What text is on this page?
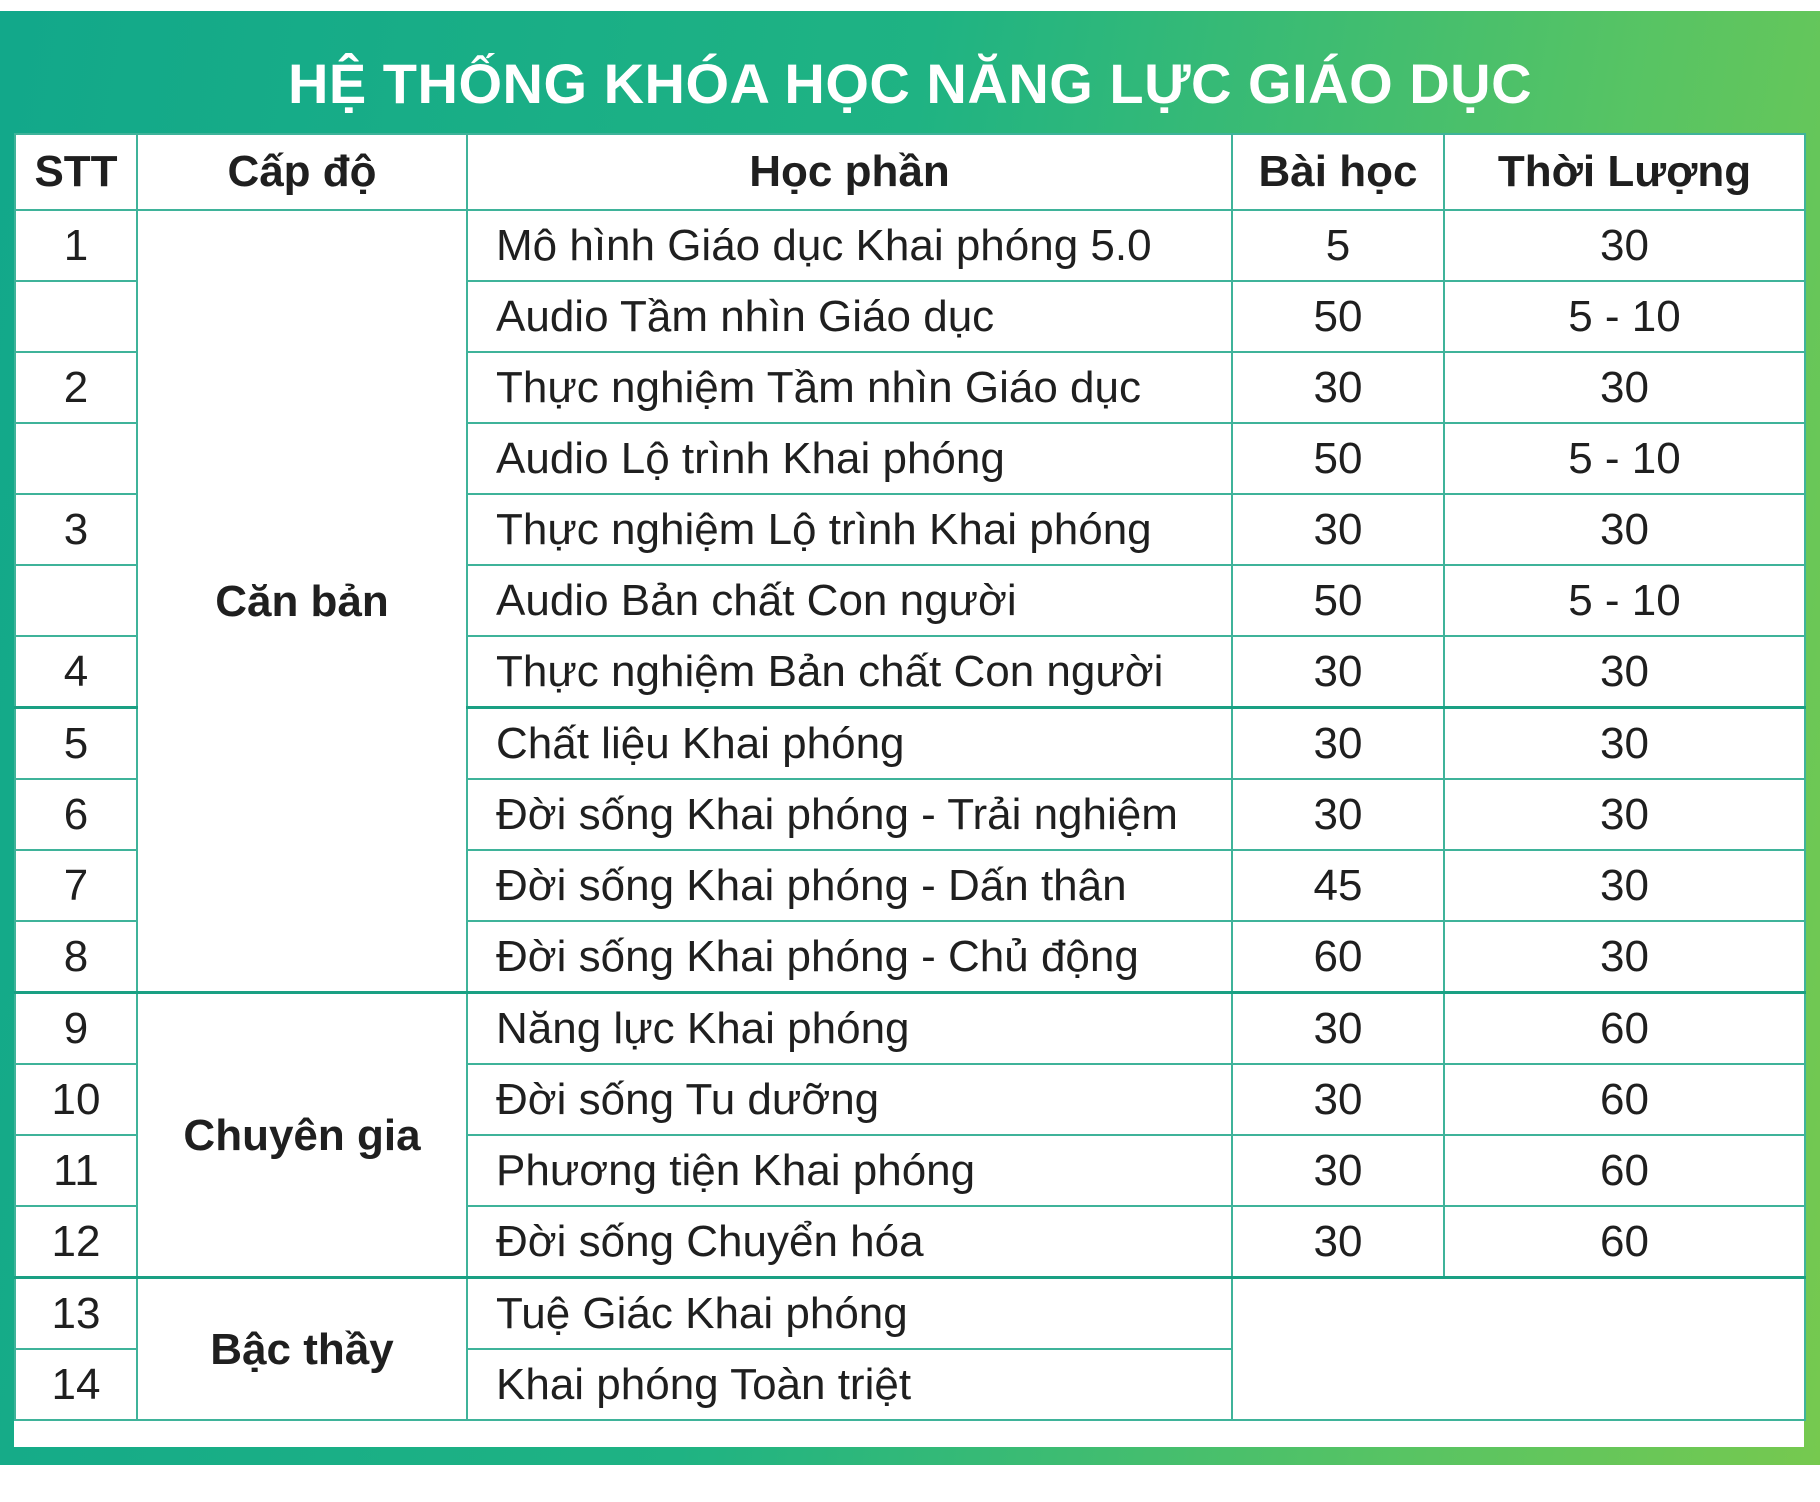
HỆ THỐNG KHÓA HỌC NĂNG LỰC GIÁO DỤC
STT	Cấp độ	Học phần	Bài học	Thời Lượng
1	Căn bản	Mô hình Giáo dục Khai phóng 5.0	5	30
		Audio Tầm nhìn Giáo dục	50	5 - 10
2		Thực nghiệm Tầm nhìn Giáo dục	30	30
		Audio Lộ trình Khai phóng	50	5 - 10
3		Thực nghiệm Lộ trình Khai phóng	30	30
		Audio Bản chất Con người	50	5 - 10
4		Thực nghiệm Bản chất Con người	30	30
5		Chất liệu Khai phóng	30	30
6		Đời sống Khai phóng - Trải nghiệm	30	30
7		Đời sống Khai phóng - Dấn thân	45	30
8		Đời sống Khai phóng - Chủ động	60	30
9	Chuyên gia	Năng lực Khai phóng	30	60
10		Đời sống Tu dưỡng	30	60
11		Phương tiện Khai phóng	30	60
12		Đời sống Chuyển hóa	30	60
13	Bậc thầy	Tuệ Giác Khai phóng		
14		Khai phóng Toàn triệt		
